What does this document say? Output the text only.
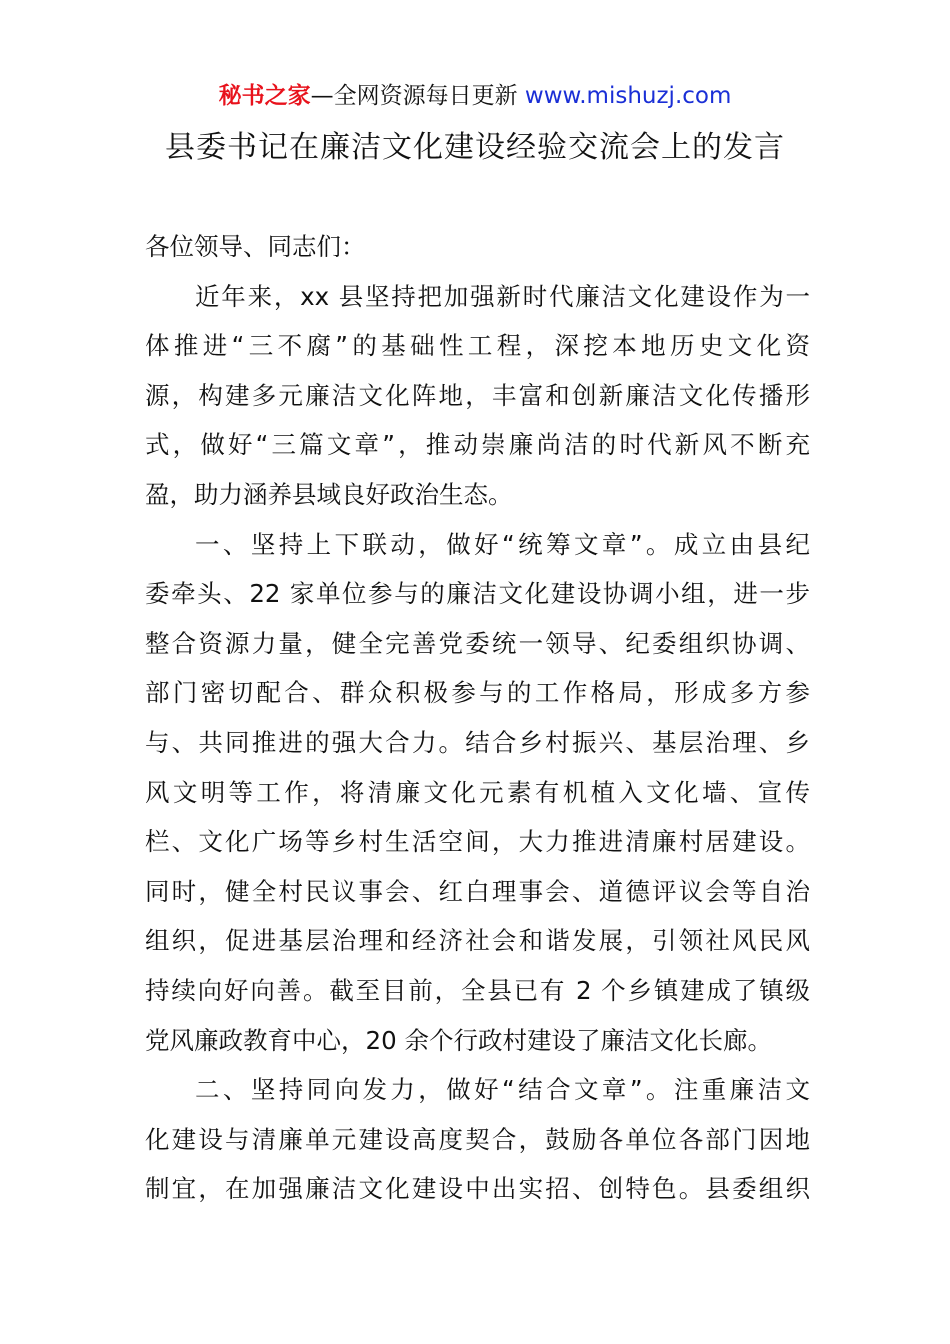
秘书之家—全网资源每日更新 www.mishuzj.com
县委书记在廉洁文化建设经验交流会上的发言
各位领导、同志们：
近年来，xx 县坚持把加强新时代廉洁文化建设作为一
体推进“三不腐”的基础性工程，深挖本地历史文化资
源，构建多元廉洁文化阵地，丰富和创新廉洁文化传播形
式，做好“三篇文章”，推动崇廉尚洁的时代新风不断充
盈，助力涵养县域良好政治生态。
一、坚持上下联动，做好“统筹文章”。成立由县纪
委牵头、22 家单位参与的廉洁文化建设协调小组，进一步
整合资源力量，健全完善党委统一领导、纪委组织协调、
部门密切配合、群众积极参与的工作格局，形成多方参
与、共同推进的强大合力。结合乡村振兴、基层治理、乡
风文明等工作，将清廉文化元素有机植入文化墙、宣传
栏、文化广场等乡村生活空间，大力推进清廉村居建设。
同时，健全村民议事会、红白理事会、道德评议会等自治
组织，促进基层治理和经济社会和谐发展，引领社风民风
持续向好向善。截至目前，全县已有 2 个乡镇建成了镇级
党风廉政教育中心，20 余个行政村建设了廉洁文化长廊。
二、坚持同向发力，做好“结合文章”。注重廉洁文
化建设与清廉单元建设高度契合，鼓励各单位各部门因地
制宜，在加强廉洁文化建设中出实招、创特色。县委组织
